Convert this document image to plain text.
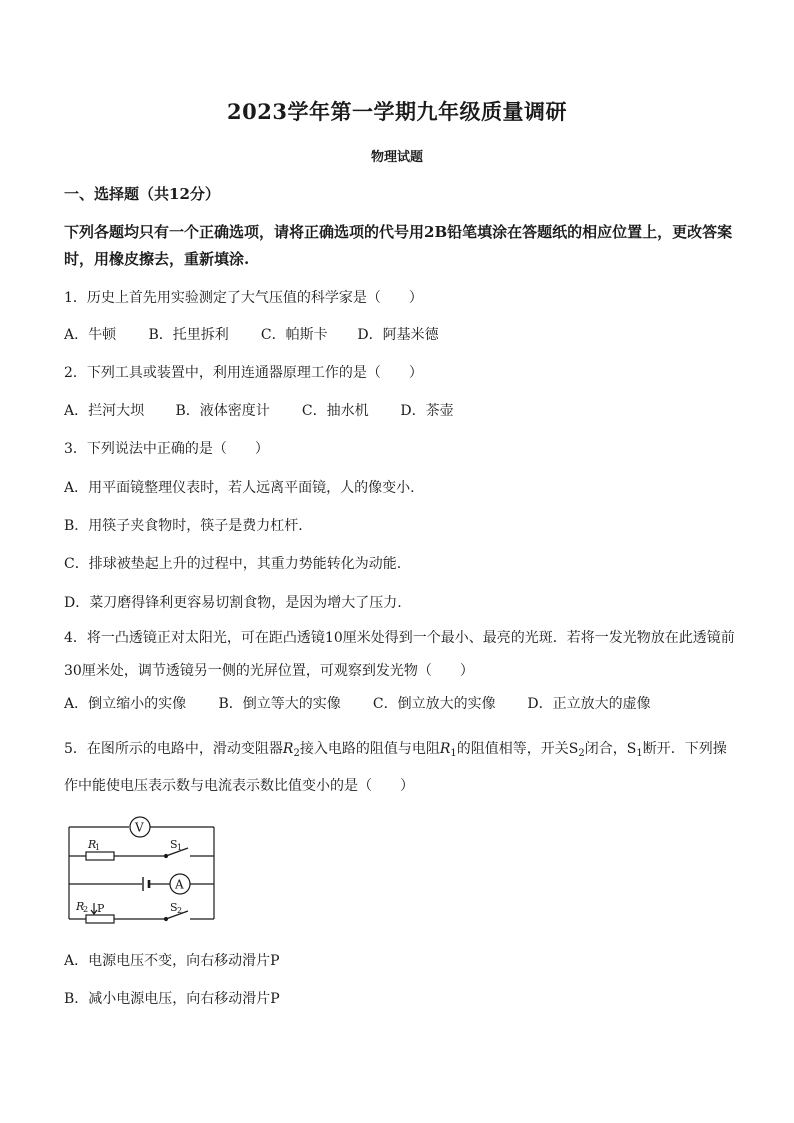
2023学年第一学期九年级质量调研
物理试题
一、选择题（共12分）
下列各题均只有一个正确选项，请将正确选项的代号用2B铅笔填涂在答题纸的相应位置上，更改答案时，用橡皮擦去，重新填涂.
1．历史上首先用实验测定了大气压值的科学家是（　　）
A．牛顿 B．托里拆利 C．帕斯卡 D．阿基米德
2．下列工具或装置中，利用连通器原理工作的是（　　）
A．拦河大坝 B．液体密度计 C．抽水机 D．茶壶
3．下列说法中正确的是（　　）
A．用平面镜整理仪表时，若人远离平面镜，人的像变小.
B．用筷子夹食物时，筷子是费力杠杆.
C．排球被垫起上升的过程中，其重力势能转化为动能.
D．菜刀磨得锋利更容易切割食物，是因为增大了压力.
4．将一凸透镜正对太阳光，可在距凸透镜10厘米处得到一个最小、最亮的光斑．若将一发光物放在此透镜前30厘米处，调节透镜另一侧的光屏位置，可观察到发光物（　　）
A．倒立缩小的实像 B．倒立等大的实像 C．倒立放大的实像 D．正立放大的虚像
5．在图所示的电路中，滑动变阻器$R_2$接入电路的阻值与电阻$R_1$的阻值相等，开关$S_2$闭合，$S_1$断开．下列操作中能使电压表示数与电流表示数比值变小的是（　　）
V
A
R
1	S 1
R
2 P	S 2
A．电源电压不变，向右移动滑片P
B．减小电源电压，向右移动滑片P
